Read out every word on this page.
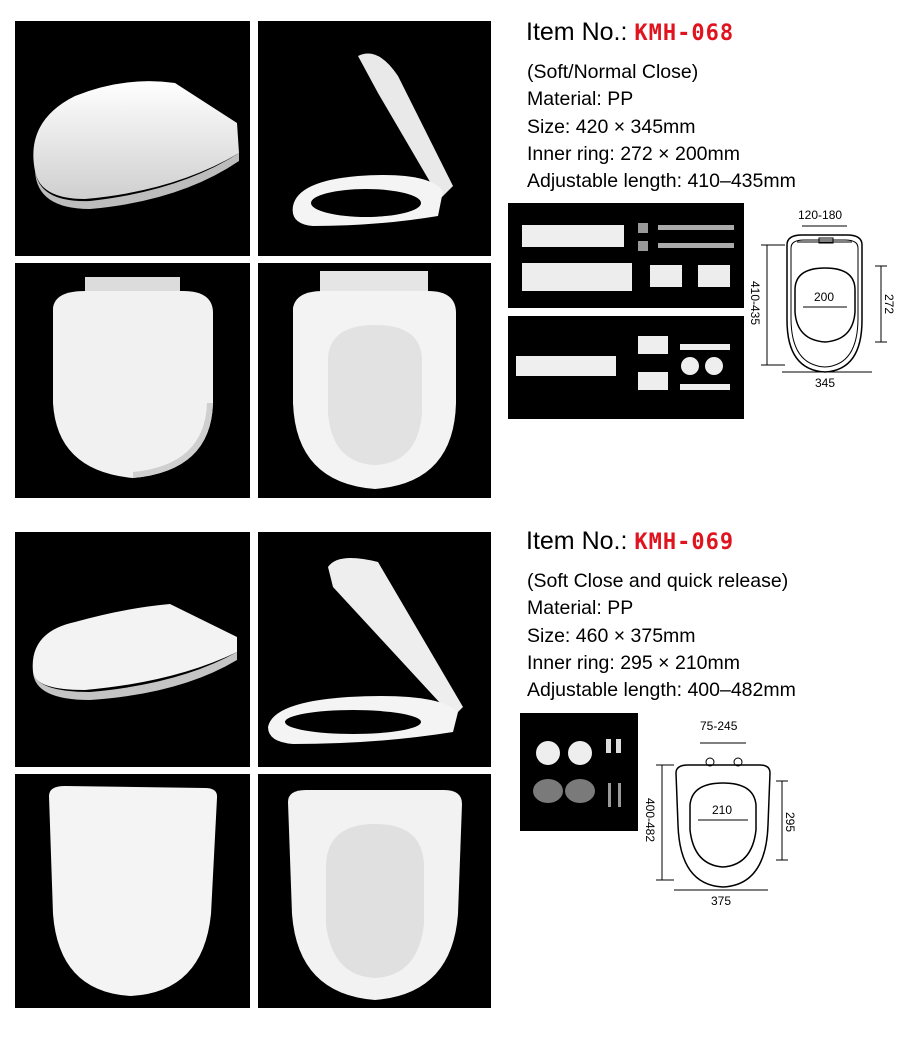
Item No.: KMH-068
(Soft/Normal Close)
Material: PP
Size: 420 × 345mm
Inner ring: 272 × 200mm
Adjustable length: 410–435mm
120-180
200
410-435	272
345
Item No.: KMH-069
(Soft Close and quick release)
Material: PP
Size: 460 × 375mm
Inner ring: 295 × 210mm
Adjustable length: 400–482mm
75-245
210
400-482	295
375
